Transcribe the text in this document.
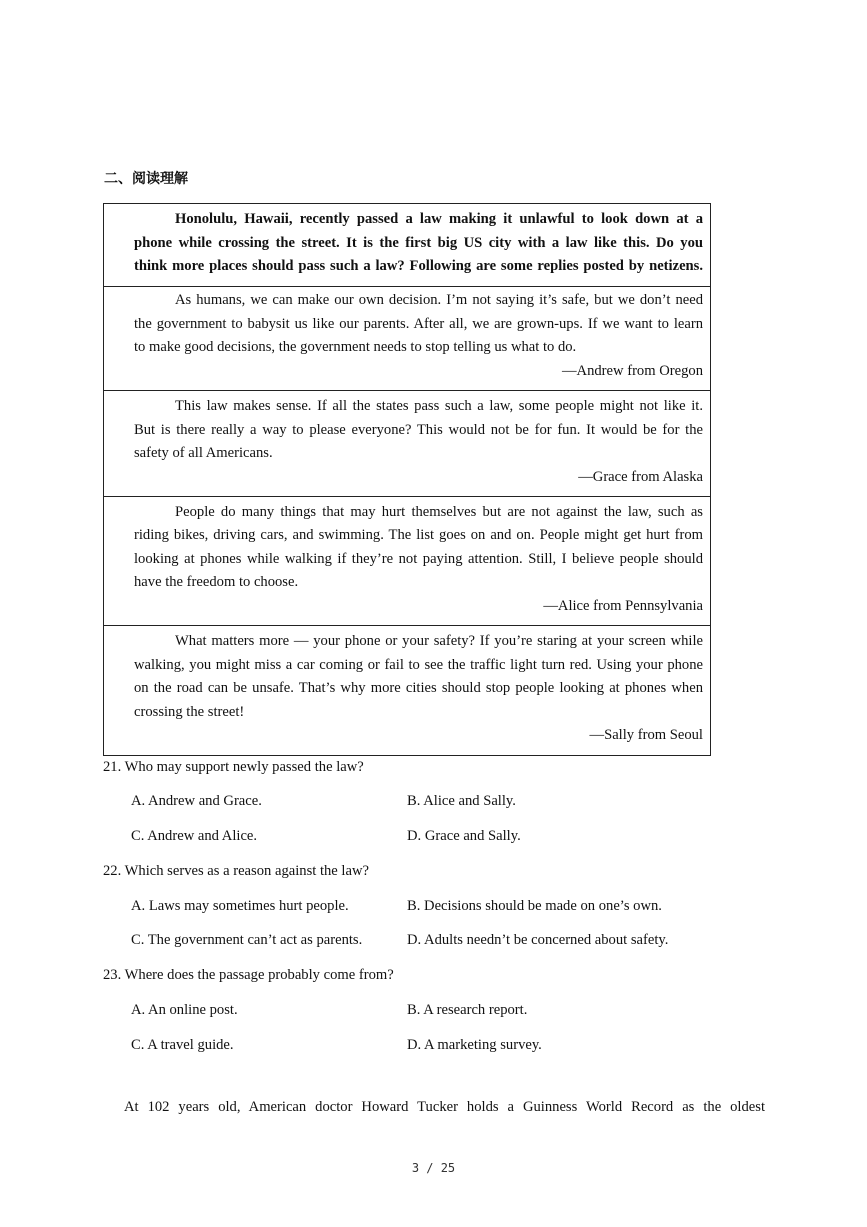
二、阅读理解
Honolulu, Hawaii, recently passed a law making it unlawful to look down at a
phone while crossing the street. It is the first big US city with a law like this. Do you
think more places should pass such a law? Following are some replies posted by netizens.
As humans, we can make our own decision. I’m not saying it’s safe, but we don’t need
the government to babysit us like our parents. After all, we are grown-ups. If we want to learn
to make good decisions, the government needs to stop telling us what to do.
—Andrew from Oregon
This law makes sense. If all the states pass such a law, some people might not like it.
But is there really a way to please everyone? This would not be for fun. It would be for the
safety of all Americans.
—Grace from Alaska
People do many things that may hurt themselves but are not against the law, such as
riding bikes, driving cars, and swimming. The list goes on and on. People might get hurt from
looking at phones while walking if they’re not paying attention. Still, I believe people should
have the freedom to choose.
—Alice from Pennsylvania
What matters more — your phone or your safety? If you’re staring at your screen while
walking, you might miss a car coming or fail to see the traffic light turn red. Using your phone
on the road can be unsafe. That’s why more cities should stop people looking at phones when
crossing the street!
—Sally from Seoul
21. Who may support newly passed the law?
A. Andrew and Grace.	B. Alice and Sally.
C. Andrew and Alice.	D. Grace and Sally.
22. Which serves as a reason against the law?
A. Laws may sometimes hurt people.	B. Decisions should be made on one’s own.
C. The government can’t act as parents.	D. Adults needn’t be concerned about safety.
23. Where does the passage probably come from?
A. An online post.	B. A research report.
C. A travel guide.	D. A marketing survey.
At 102 years old, American doctor Howard Tucker holds a Guinness World Record as the oldest
3 / 25
